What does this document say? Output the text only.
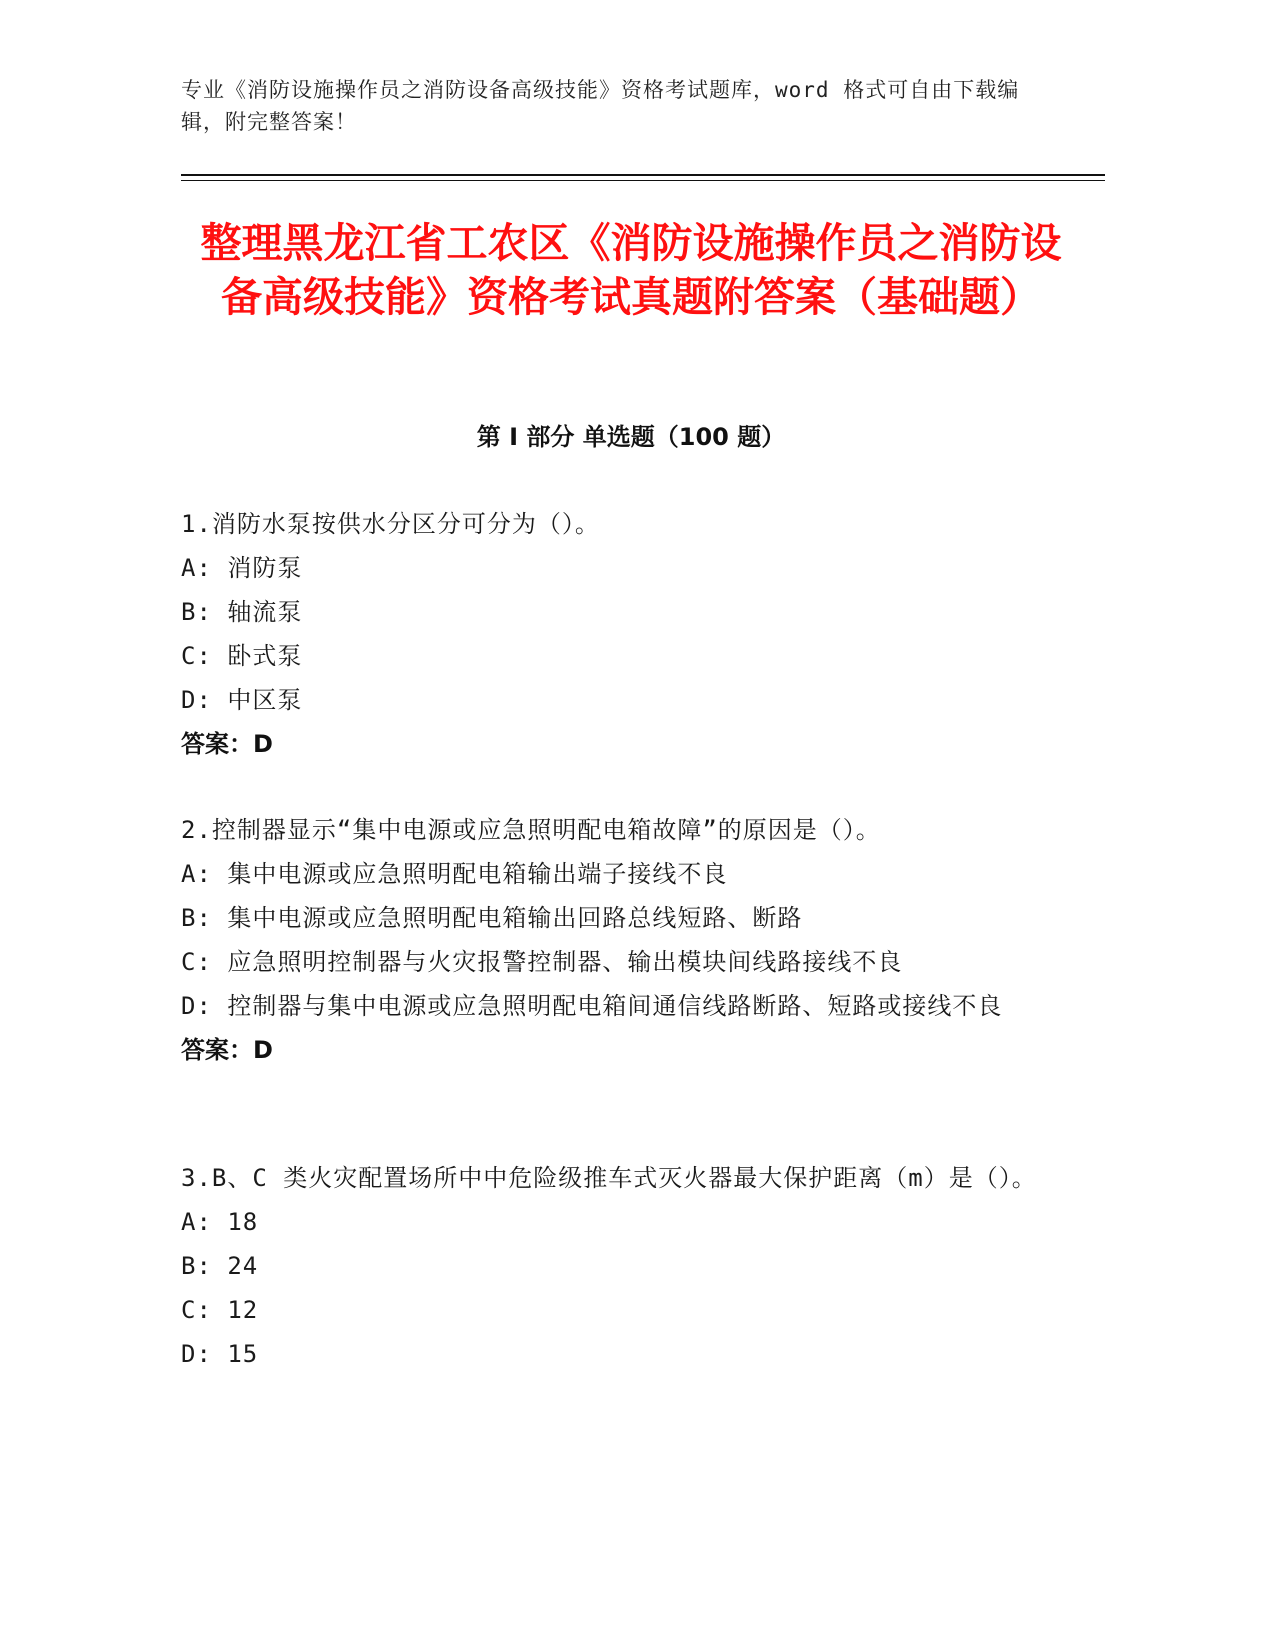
专业《消防设施操作员之消防设备高级技能》资格考试题库，word 格式可自由下载编辑，附完整答案！
整理黑龙江省工农区《消防设施操作员之消防设备高级技能》资格考试真题附答案（基础题）
第 I 部分 单选题（100 题）
1.消防水泵按供水分区分可分为（）。
A: 消防泵
B: 轴流泵
C: 卧式泵
D: 中区泵
答案：D
2.控制器显示“集中电源或应急照明配电箱故障”的原因是（）。
A: 集中电源或应急照明配电箱输出端子接线不良
B: 集中电源或应急照明配电箱输出回路总线短路、断路
C: 应急照明控制器与火灾报警控制器、输出模块间线路接线不良
D: 控制器与集中电源或应急照明配电箱间通信线路断路、短路或接线不良
答案：D
3.B、C 类火灾配置场所中中危险级推车式灭火器最大保护距离（m）是（）。
A: 18
B: 24
C: 12
D: 15
